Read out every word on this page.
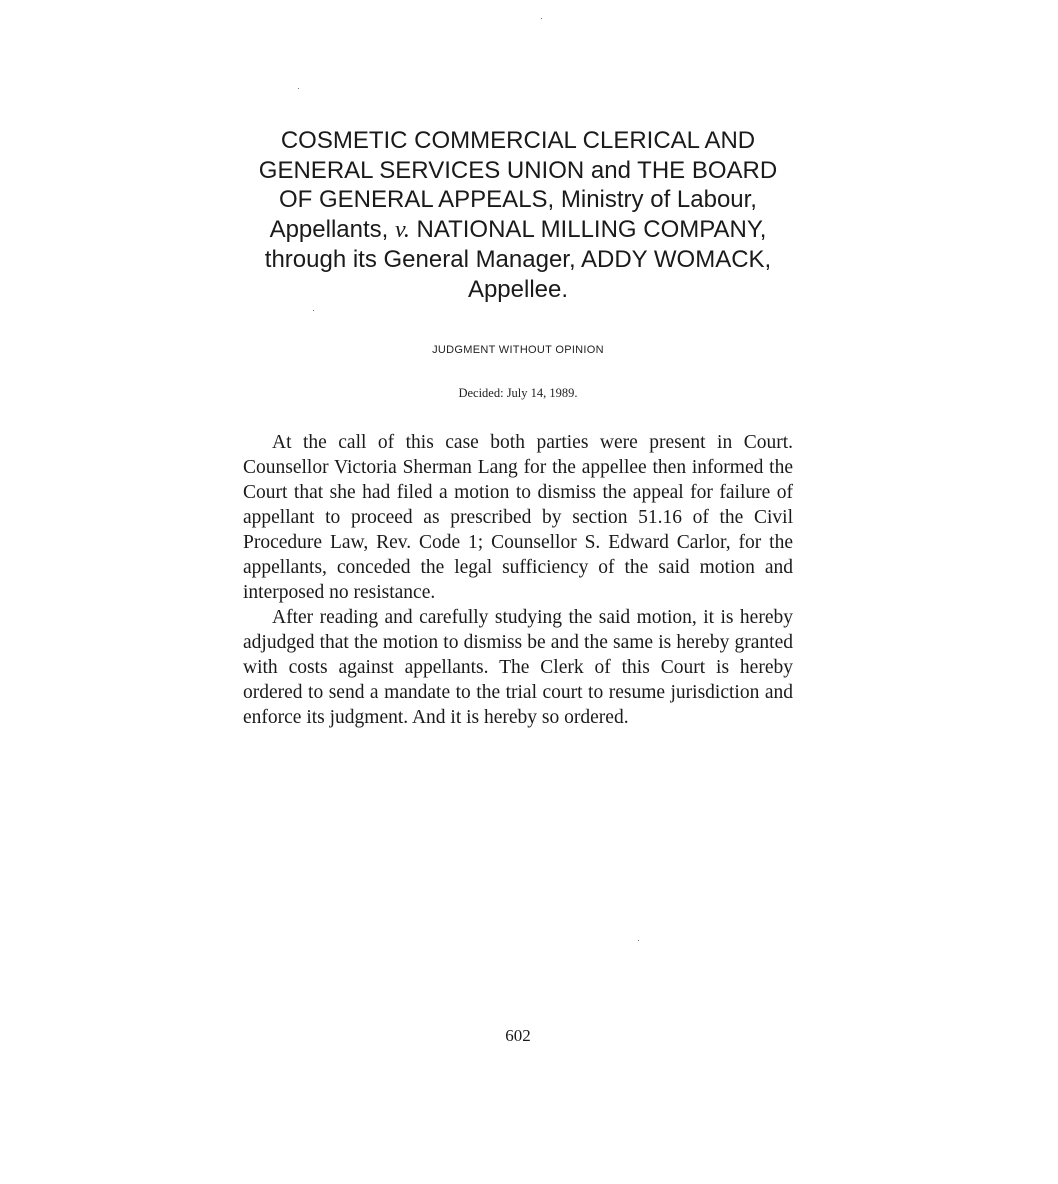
COSMETIC COMMERCIAL CLERICAL AND
GENERAL SERVICES UNION and THE BOARD
OF GENERAL APPEALS, Ministry of Labour,
Appellants, v. NATIONAL MILLING COMPANY,
through its General Manager, ADDY WOMACK,
Appellee.
JUDGMENT WITHOUT OPINION
Decided: July 14, 1989.

At the call of this case both parties were present in Court. Counsellor Victoria Sherman Lang for the appellee then informed the Court that she had filed a motion to dismiss the appeal for failure of appellant to proceed as prescribed by section 51.16 of the Civil Procedure Law, Rev. Code 1; Counsellor S. Edward Carlor, for the appellants, conceded the legal sufficiency of the said motion and interposed no resistance.

After reading and carefully studying the said motion, it is hereby adjudged that the motion to dismiss be and the same is hereby granted with costs against appellants. The Clerk of this Court is hereby ordered to send a mandate to the trial court to resume jurisdiction and enforce its judgment. And it is hereby so ordered.

602
